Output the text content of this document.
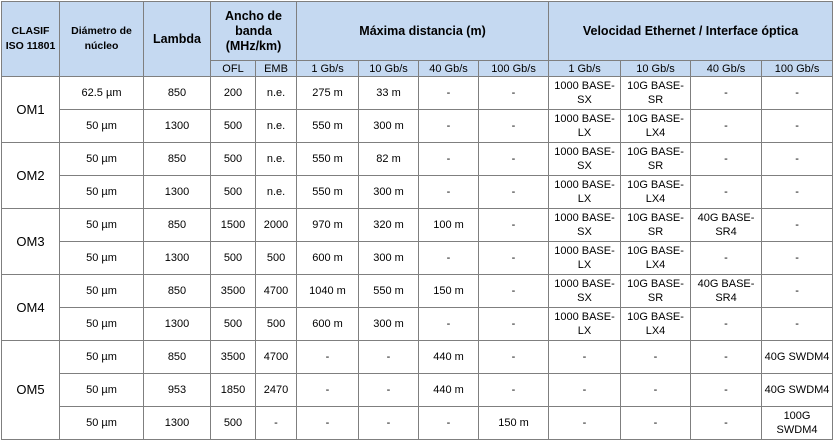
CLASIF ISO 11801	Diámetro de núcleo	Lambda	Ancho de banda (MHz/km)		Máxima distancia (m)				Velocidad Ethernet / Interface óptica			
			OFL	EMB	1 Gb/s	10 Gb/s	40 Gb/s	100 Gb/s	1 Gb/s	10 Gb/s	40 Gb/s	100 Gb/s
OM1	62.5 µm	850	200	n.e.	275 m	33 m	-	-	1000 BASE-SX	10G BASE-SR	-	-
	50 µm	1300	500	n.e.	550 m	300 m	-	-	1000 BASE-LX	10G BASE-LX4	-	-
OM2	50 µm	850	500	n.e.	550 m	82 m	-	-	1000 BASE-SX	10G BASE-SR	-	-
	50 µm	1300	500	n.e.	550 m	300 m	-	-	1000 BASE-LX	10G BASE-LX4	-	-
OM3	50 µm	850	1500	2000	970 m	320 m	100 m	-	1000 BASE-SX	10G BASE-SR	40G BASE-SR4	-
	50 µm	1300	500	500	600 m	300 m	-	-	1000 BASE-LX	10G BASE-LX4	-	-
OM4	50 µm	850	3500	4700	1040 m	550 m	150 m	-	1000 BASE-SX	10G BASE-SR	40G BASE-SR4	-
	50 µm	1300	500	500	600 m	300 m	-	-	1000 BASE-LX	10G BASE-LX4	-	-
OM5	50 µm	850	3500	4700	-	-	440 m	-	-	-	-	40G SWDM4
	50 µm	953	1850	2470	-	-	440 m	-	-	-	-	40G SWDM4
	50 µm	1300	500	-	-	-	-	150 m	-	-	-	100G SWDM4
